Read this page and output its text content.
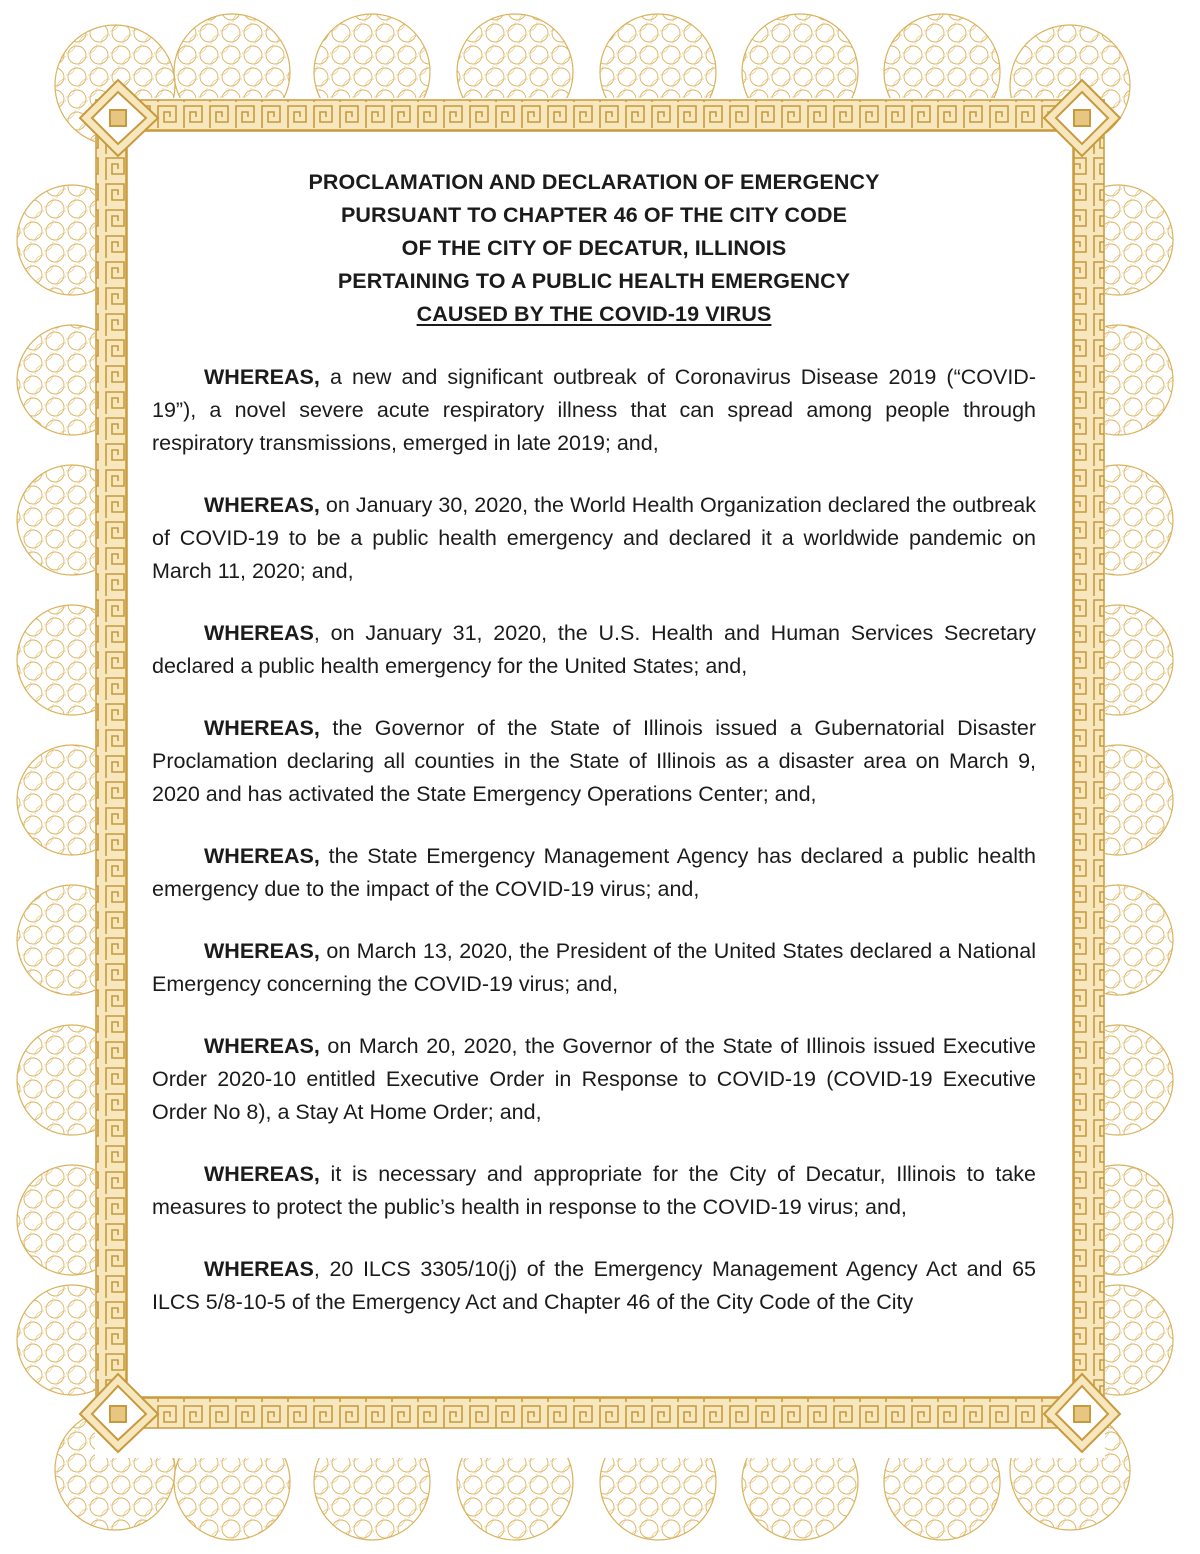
PROCLAMATION AND DECLARATION OF EMERGENCY
PURSUANT TO CHAPTER 46 OF THE CITY CODE
OF THE CITY OF DECATUR, ILLINOIS
PERTAINING TO A PUBLIC HEALTH EMERGENCY
CAUSED BY THE COVID-19 VIRUS

WHEREAS, a new and significant outbreak of Coronavirus Disease 2019 (“COVID-19”), a novel severe acute respiratory illness that can spread among people through respiratory transmissions, emerged in late 2019; and,

WHEREAS, on January 30, 2020, the World Health Organization declared the outbreak of COVID-19 to be a public health emergency and declared it a worldwide pandemic on March 11, 2020; and,

WHEREAS, on January 31, 2020, the U.S. Health and Human Services Secretary declared a public health emergency for the United States; and,

WHEREAS, the Governor of the State of Illinois issued a Gubernatorial Disaster Proclamation declaring all counties in the State of Illinois as a disaster area on March 9, 2020 and has activated the State Emergency Operations Center; and,

WHEREAS, the State Emergency Management Agency has declared a public health emergency due to the impact of the COVID-19 virus; and,

WHEREAS, on March 13, 2020, the President of the United States declared a National Emergency concerning the COVID-19 virus; and,

WHEREAS, on March 20, 2020, the Governor of the State of Illinois issued Executive Order 2020-10 entitled Executive Order in Response to COVID-19 (COVID-19 Executive Order No 8), a Stay At Home Order; and,

WHEREAS, it is necessary and appropriate for the City of Decatur, Illinois to take measures to protect the public’s health in response to the COVID-19 virus; and,

WHEREAS, 20 ILCS 3305/10(j) of the Emergency Management Agency Act and 65 ILCS 5/8-10-5 of the Emergency Act and Chapter 46 of the City Code of the City
